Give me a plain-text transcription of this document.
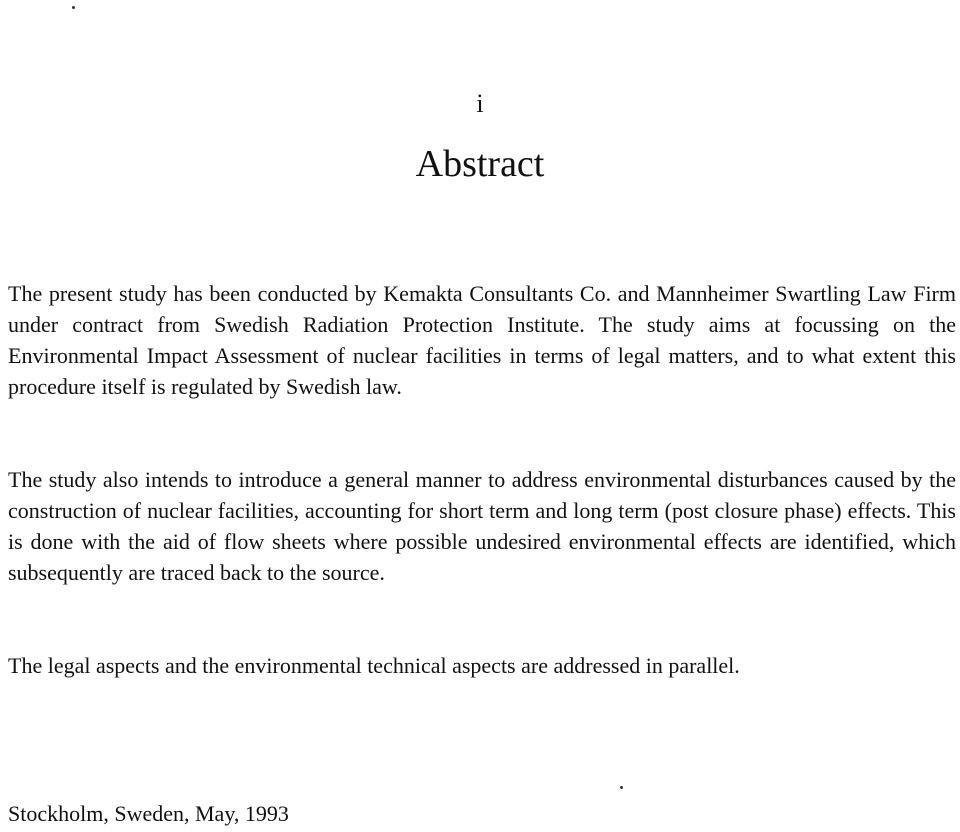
i
Abstract

The present study has been conducted by Kemakta Consultants Co. and Mannheimer Swartling Law Firm under contract from Swedish Radiation Protection Institute. The study aims at focussing on the Environmental Impact Assessment of nuclear facilities in terms of legal matters, and to what extent this procedure itself is regulated by Swedish law.

The study also intends to introduce a general manner to address environmental disturbances caused by the construction of nuclear facilities, accounting for short term and long term (post closure phase) effects. This is done with the aid of flow sheets where possible undesired environmental effects are identified, which subsequently are traced back to the source.

The legal aspects and the environmental technical aspects are addressed in parallel.

Stockholm, Sweden, May, 1993
